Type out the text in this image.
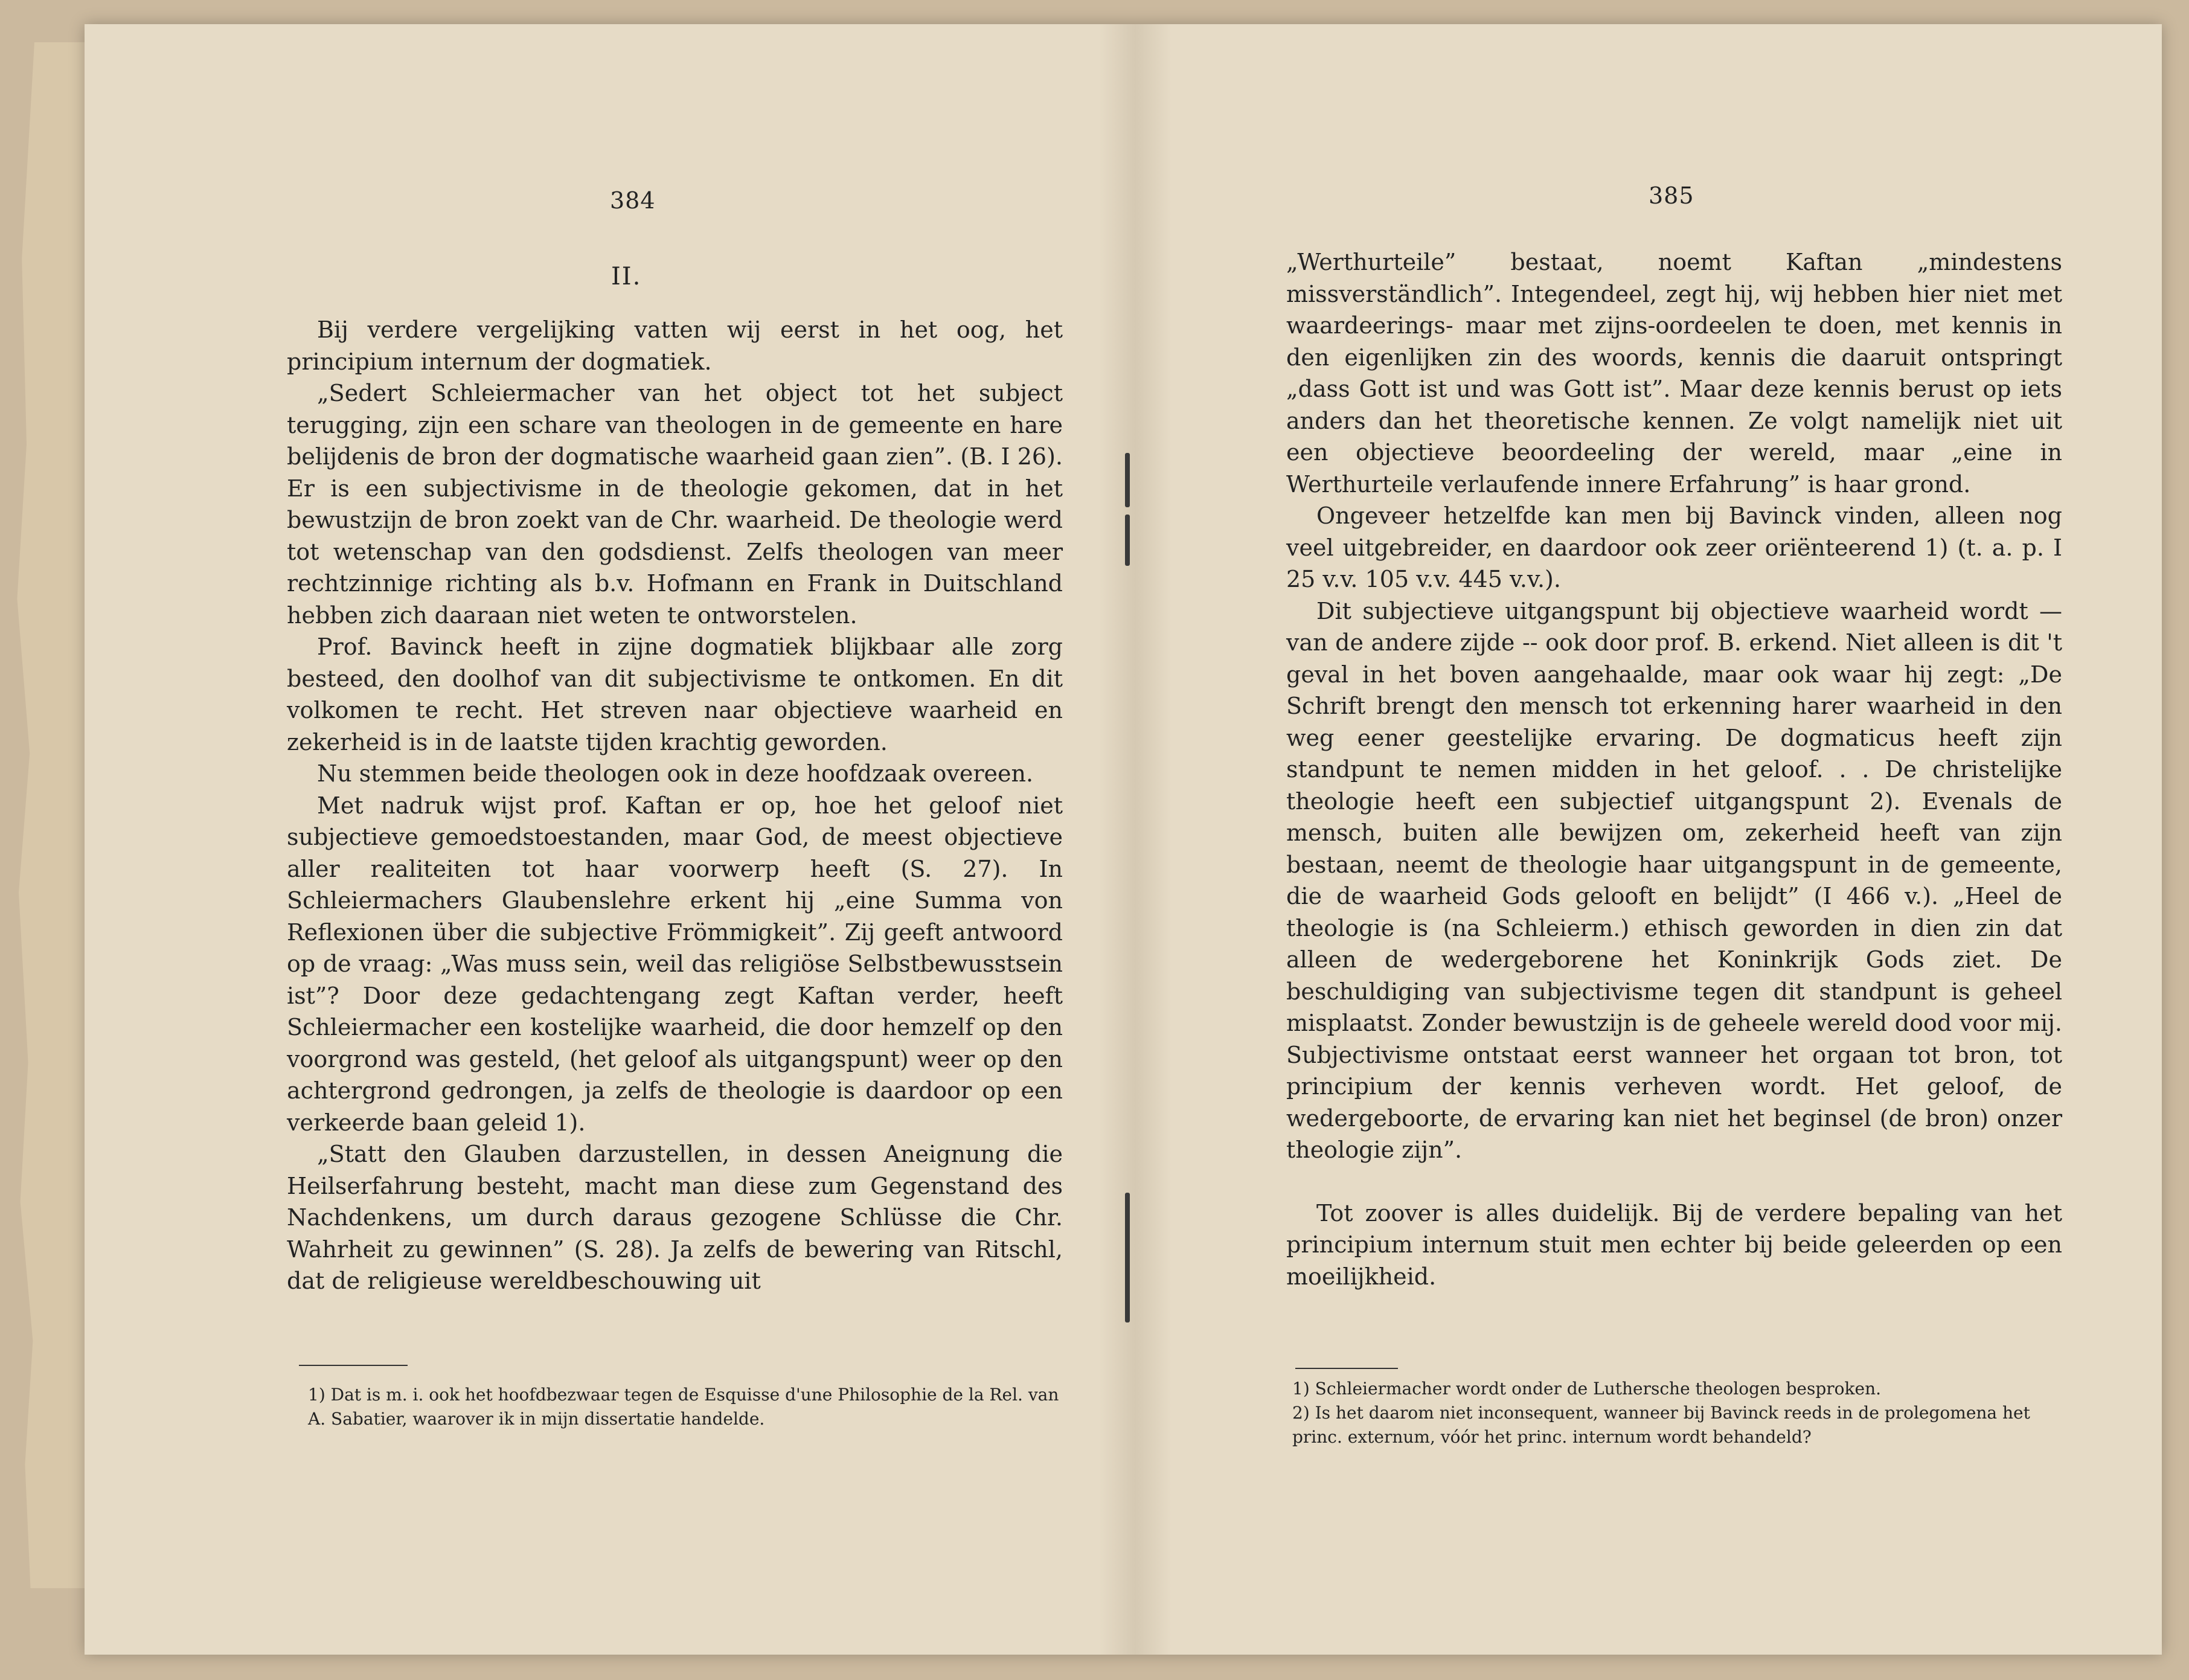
384
II.

Bij verdere vergelijking vatten wij eerst in het oog, het principium internum der dogmatiek.

„Sedert Schleiermacher van het object tot het subject terugging, zijn een schare van theologen in de gemeente en hare belijdenis de bron der dogmatische waarheid gaan zien”. (B. I 26). Er is een subjectivisme in de theologie gekomen, dat in het bewustzijn de bron zoekt van de Chr. waarheid. De theologie werd tot wetenschap van den godsdienst. Zelfs theologen van meer rechtzinnige richting als b.v. Hofmann en Frank in Duitschland hebben zich daaraan niet weten te ontworstelen.

Prof. Bavinck heeft in zijne dogmatiek blijkbaar alle zorg besteed, den doolhof van dit subjectivisme te ontkomen. En dit volkomen te recht. Het streven naar objectieve waarheid en zekerheid is in de laatste tijden krachtig geworden.

Nu stemmen beide theologen ook in deze hoofdzaak overeen.

Met nadruk wijst prof. Kaftan er op, hoe het geloof niet subjectieve gemoedstoestanden, maar God, de meest objectieve aller realiteiten tot haar voorwerp heeft (S. 27). In Schleiermachers Glaubenslehre erkent hij „eine Summa von Reflexionen über die subjective Frömmigkeit”. Zij geeft antwoord op de vraag: „Was muss sein, weil das religiöse Selbstbewusstsein ist”? Door deze gedachtengang zegt Kaftan verder, heeft Schleiermacher een kostelijke waarheid, die door hemzelf op den voorgrond was gesteld, (het geloof als uitgangspunt) weer op den achtergrond gedrongen, ja zelfs de theologie is daardoor op een verkeerde baan geleid 1).

„Statt den Glauben darzustellen, in dessen Aneignung die Heilserfahrung besteht, macht man diese zum Gegenstand des Nachdenkens, um durch daraus gezogene Schlüsse die Chr. Wahrheit zu gewinnen” (S. 28). Ja zelfs de bewering van Ritschl, dat de religieuse wereldbeschouwing uit

1) Dat is m. i. ook het hoofdbezwaar tegen de Esquisse d'une Philosophie de la Rel. van A. Sabatier, waarover ik in mijn dissertatie handelde.

385

„Werthurteile” bestaat, noemt Kaftan „mindestens missverständlich”. Integendeel, zegt hij, wij hebben hier niet met waardeerings- maar met zijns-oordeelen te doen, met kennis in den eigenlijken zin des woords, kennis die daaruit ontspringt „dass Gott ist und was Gott ist”. Maar deze kennis berust op iets anders dan het theoretische kennen. Ze volgt namelijk niet uit een objectieve beoordeeling der wereld, maar „eine in Werthurteile verlaufende innere Erfahrung” is haar grond.

Ongeveer hetzelfde kan men bij Bavinck vinden, alleen nog veel uitgebreider, en daardoor ook zeer oriënteerend 1) (t. a. p. I 25 v.v. 105 v.v. 445 v.v.).

Dit subjectieve uitgangspunt bij objectieve waarheid wordt — van de andere zijde -- ook door prof. B. erkend. Niet alleen is dit 't geval in het boven aangehaalde, maar ook waar hij zegt: „De Schrift brengt den mensch tot erkenning harer waarheid in den weg eener geestelijke ervaring. De dogmaticus heeft zijn standpunt te nemen midden in het geloof. . . De christelijke theologie heeft een subjectief uitgangspunt 2). Evenals de mensch, buiten alle bewijzen om, zekerheid heeft van zijn bestaan, neemt de theologie haar uitgangspunt in de gemeente, die de waarheid Gods gelooft en belijdt” (I 466 v.). „Heel de theologie is (na Schleierm.) ethisch geworden in dien zin dat alleen de wedergeborene het Koninkrijk Gods ziet. De beschuldiging van subjectivisme tegen dit standpunt is geheel misplaatst. Zonder bewustzijn is de geheele wereld dood voor mij. Subjectivisme ontstaat eerst wanneer het orgaan tot bron, tot principium der kennis verheven wordt. Het geloof, de wedergeboorte, de ervaring kan niet het beginsel (de bron) onzer theologie zijn”.

Tot zoover is alles duidelijk. Bij de verdere bepaling van het principium internum stuit men echter bij beide geleerden op een moeilijkheid.

1) Schleiermacher wordt onder de Luthersche theologen besproken.

2) Is het daarom niet inconsequent, wanneer bij Bavinck reeds in de prolegomena het princ. externum, vóór het princ. internum wordt behandeld?
